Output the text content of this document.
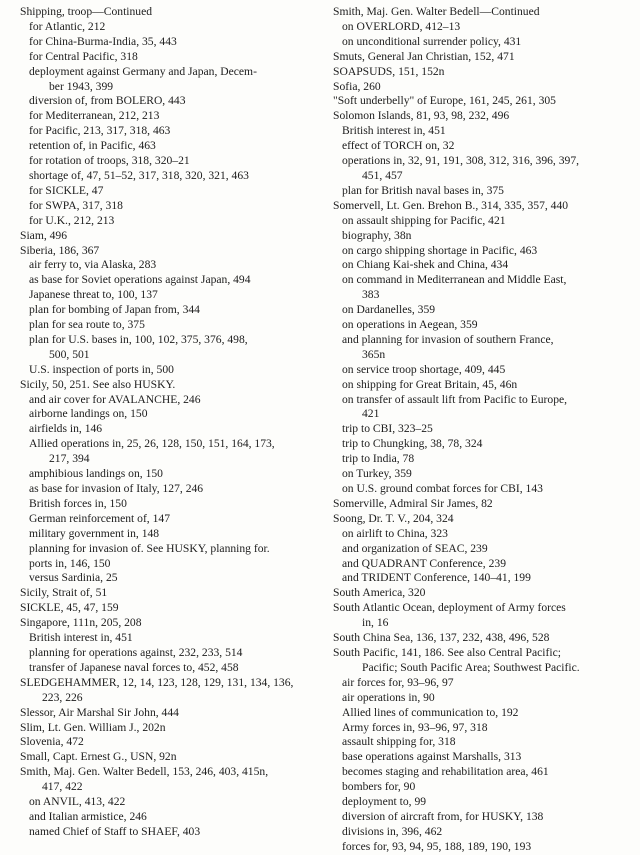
Shipping, troop—Continued
for Atlantic, 212
for China-Burma-India, 35, 443
for Central Pacific, 318
deployment against Germany and Japan, Decem-
ber 1943, 399
diversion of, from BOLERO, 443
for Mediterranean, 212, 213
for Pacific, 213, 317, 318, 463
retention of, in Pacific, 463
for rotation of troops, 318, 320–21
shortage of, 47, 51–52, 317, 318, 320, 321, 463
for SICKLE, 47
for SWPA, 317, 318
for U.K., 212, 213
Siam, 496
Siberia, 186, 367
air ferry to, via Alaska, 283
as base for Soviet operations against Japan, 494
Japanese threat to, 100, 137
plan for bombing of Japan from, 344
plan for sea route to, 375
plan for U.S. bases in, 100, 102, 375, 376, 498,
500, 501
U.S. inspection of ports in, 500
Sicily, 50, 251. See also HUSKY.
and air cover for AVALANCHE, 246
airborne landings on, 150
airfields in, 146
Allied operations in, 25, 26, 128, 150, 151, 164, 173,
217, 394
amphibious landings on, 150
as base for invasion of Italy, 127, 246
British forces in, 150
German reinforcement of, 147
military government in, 148
planning for invasion of. See HUSKY, planning for.
ports in, 146, 150
versus Sardinia, 25
Sicily, Strait of, 51
SICKLE, 45, 47, 159
Singapore, 111n, 205, 208
British interest in, 451
planning for operations against, 232, 233, 514
transfer of Japanese naval forces to, 452, 458
SLEDGEHAMMER, 12, 14, 123, 128, 129, 131, 134, 136,
223, 226
Slessor, Air Marshal Sir John, 444
Slim, Lt. Gen. William J., 202n
Slovenia, 472
Small, Capt. Ernest G., USN, 92n
Smith, Maj. Gen. Walter Bedell, 153, 246, 403, 415n,
417, 422
on ANVIL, 413, 422
and Italian armistice, 246
named Chief of Staff to SHAEF, 403
Smith, Maj. Gen. Walter Bedell—Continued
on OVERLORD, 412–13
on unconditional surrender policy, 431
Smuts, General Jan Christian, 152, 471
SOAPSUDS, 151, 152n
Sofia, 260
"Soft underbelly" of Europe, 161, 245, 261, 305
Solomon Islands, 81, 93, 98, 232, 496
British interest in, 451
effect of TORCH on, 32
operations in, 32, 91, 191, 308, 312, 316, 396, 397,
451, 457
plan for British naval bases in, 375
Somervell, Lt. Gen. Brehon B., 314, 335, 357, 440
on assault shipping for Pacific, 421
biography, 38n
on cargo shipping shortage in Pacific, 463
on Chiang Kai-shek and China, 434
on command in Mediterranean and Middle East,
383
on Dardanelles, 359
on operations in Aegean, 359
and planning for invasion of southern France,
365n
on service troop shortage, 409, 445
on shipping for Great Britain, 45, 46n
on transfer of assault lift from Pacific to Europe,
421
trip to CBI, 323–25
trip to Chungking, 38, 78, 324
trip to India, 78
on Turkey, 359
on U.S. ground combat forces for CBI, 143
Somerville, Admiral Sir James, 82
Soong, Dr. T. V., 204, 324
on airlift to China, 323
and organization of SEAC, 239
and QUADRANT Conference, 239
and TRIDENT Conference, 140–41, 199
South America, 320
South Atlantic Ocean, deployment of Army forces
in, 16
South China Sea, 136, 137, 232, 438, 496, 528
South Pacific, 141, 186. See also Central Pacific;
Pacific; South Pacific Area; Southwest Pacific.
air forces for, 93–96, 97
air operations in, 90
Allied lines of communication to, 192
Army forces in, 93–96, 97, 318
assault shipping for, 318
base operations against Marshalls, 313
becomes staging and rehabilitation area, 461
bombers for, 90
deployment to, 99
diversion of aircraft from, for HUSKY, 138
divisions in, 396, 462
forces for, 93, 94, 95, 188, 189, 190, 193
